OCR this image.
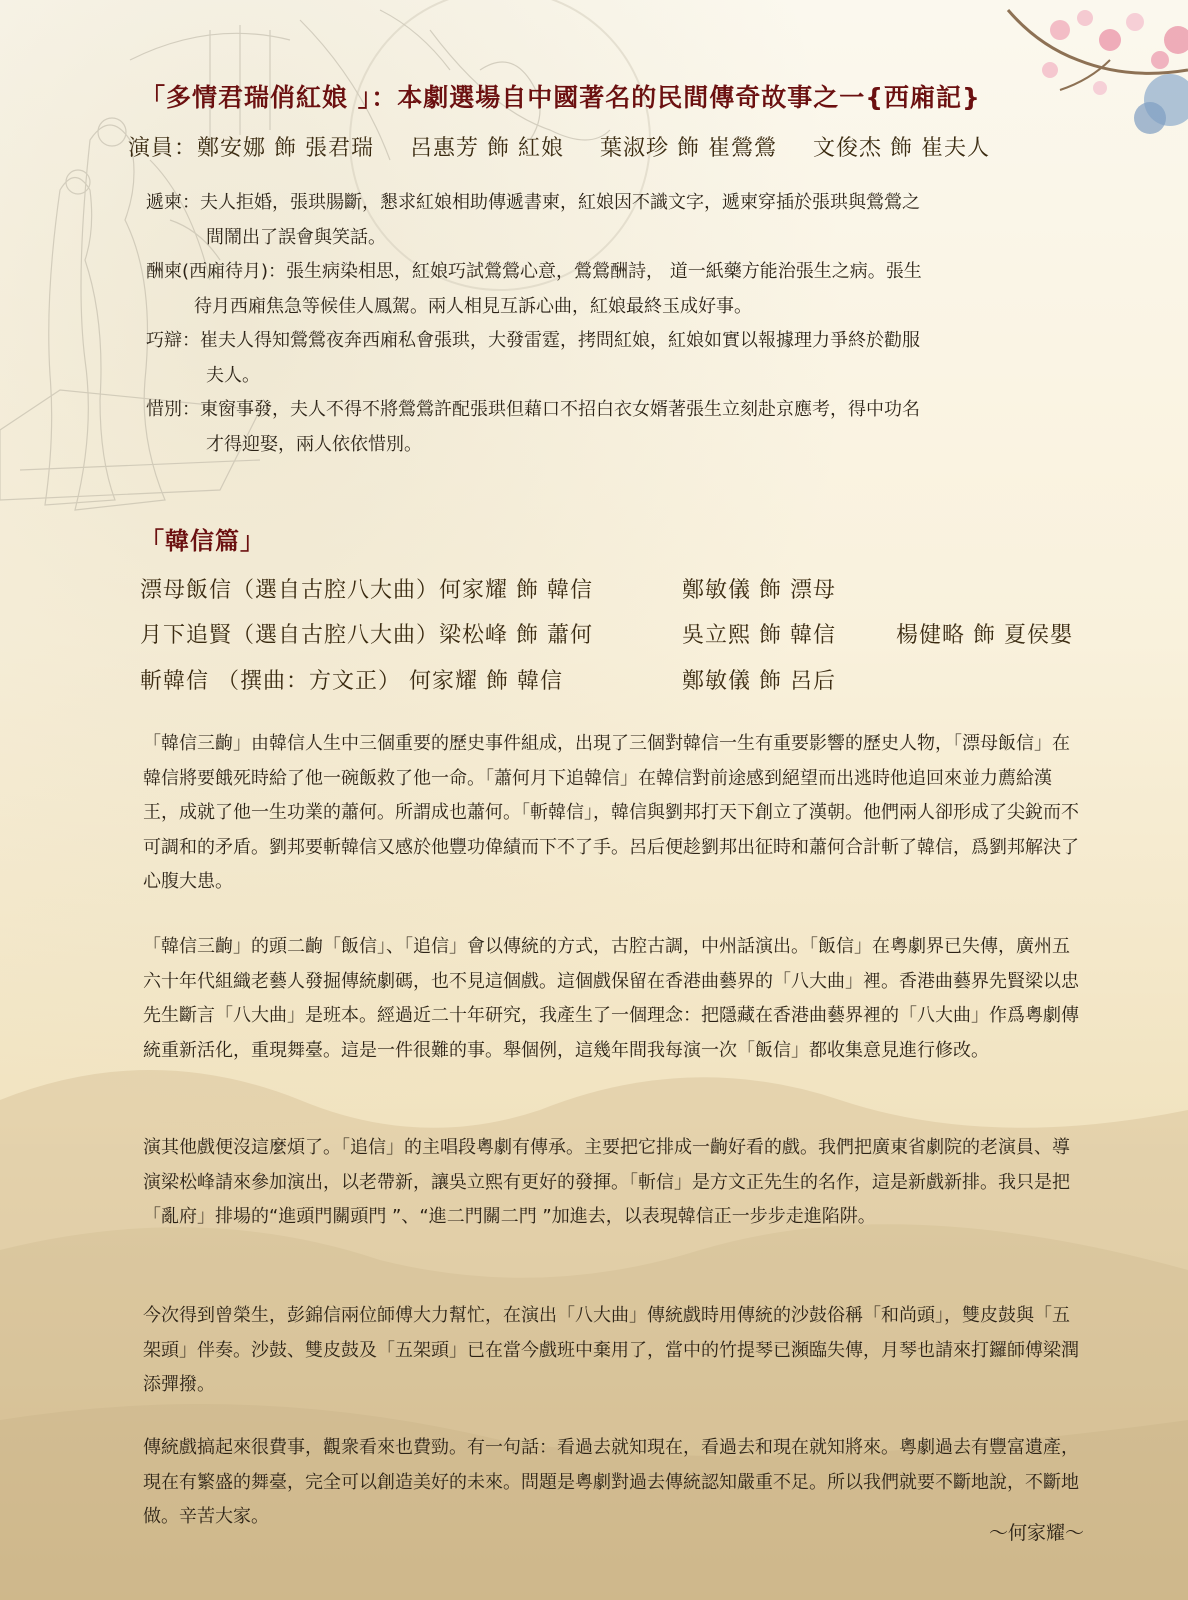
「多情君瑞俏紅娘 」：本劇選場自中國著名的民間傳奇故事之一{西廂記}
演員：鄭安娜 飾 張君瑞 呂惠芳 飾 紅娘 葉淑珍 飾 崔鶯鶯 文俊杰 飾 崔夫人
遞柬：夫人拒婚，張珙腸斷，懇求紅娘相助傳遞書柬，紅娘因不識文字，遞柬穿插於張珙與鶯鶯之
間鬧出了誤會與笑話。
酬柬(西廂待月)：張生病染相思，紅娘巧試鶯鶯心意，鶯鶯酬詩， 道一紙藥方能治張生之病。張生
待月西廂焦急等候佳人鳳駕。兩人相見互訴心曲，紅娘最終玉成好事。
巧辯：崔夫人得知鶯鶯夜奔西廂私會張珙，大發雷霆，拷問紅娘，紅娘如實以報據理力爭終於勸服
夫人。
惜別：東窗事發，夫人不得不將鶯鶯許配張珙但藉口不招白衣女婿著張生立刻赴京應考，得中功名
才得迎娶，兩人依依惜別。
「韓信篇」
漂母飯信（選自古腔八大曲）何家耀 飾 韓信	鄭敏儀 飾 漂母
月下追賢（選自古腔八大曲）梁松峰 飾 蕭何	吳立熙 飾 韓信	楊健略 飾 夏侯嬰
斬韓信 （撰曲：方文正） 何家耀 飾 韓信	鄭敏儀 飾 呂后

「韓信三齣」由韓信人生中三個重要的歷史事件組成，出現了三個對韓信一生有重要影響的歷史人物，「漂母飯信」在韓信將要餓死時給了他一碗飯救了他一命。「蕭何月下追韓信」在韓信對前途感到絕望而出逃時他追回來並力薦給漢王，成就了他一生功業的蕭何。所謂成也蕭何。「斬韓信」，韓信與劉邦打天下創立了漢朝。他們兩人卻形成了尖銳而不可調和的矛盾。劉邦要斬韓信又感於他豐功偉績而下不了手。呂后便趁劉邦出征時和蕭何合計斬了韓信，爲劉邦解決了心腹大患。

「韓信三齣」的頭二齣「飯信」、「追信」會以傳統的方式，古腔古調，中州話演出。「飯信」在粵劇界已失傳，廣州五六十年代組織老藝人發掘傳統劇碼，也不見這個戲。這個戲保留在香港曲藝界的「八大曲」裡。香港曲藝界先賢梁以忠先生斷言「八大曲」是班本。經過近二十年研究，我產生了一個理念：把隱藏在香港曲藝界裡的「八大曲」作爲粵劇傳統重新活化，重現舞臺。這是一件很難的事。舉個例，這幾年間我每演一次「飯信」都收集意見進行修改。

演其他戲便沒這麼煩了。「追信」的主唱段粵劇有傳承。主要把它排成一齣好看的戲。我們把廣東省劇院的老演員、導演梁松峰請來參加演出，以老帶新，讓吳立熙有更好的發揮。「斬信」是方文正先生的名作，這是新戲新排。我只是把「亂府」排場的“進頭門關頭門 ”、“進二門關二門 ”加進去，以表現韓信正一步步走進陷阱。

今次得到曾榮生，彭錦信兩位師傅大力幫忙，在演出「八大曲」傳統戲時用傳統的沙鼓俗稱「和尚頭」，雙皮鼓與「五架頭」伴奏。沙鼓、雙皮鼓及「五架頭」已在當今戲班中棄用了，當中的竹提琴已瀕臨失傳，月琴也請來打鑼師傅梁潤添彈撥。

傳統戲搞起來很費事，觀衆看來也費勁。有一句話：看過去就知現在，看過去和現在就知將來。粵劇過去有豐富遺產，現在有繁盛的舞臺，完全可以創造美好的未來。問題是粵劇對過去傳統認知嚴重不足。所以我們就要不斷地說，不斷地做。辛苦大家。

～何家耀～
